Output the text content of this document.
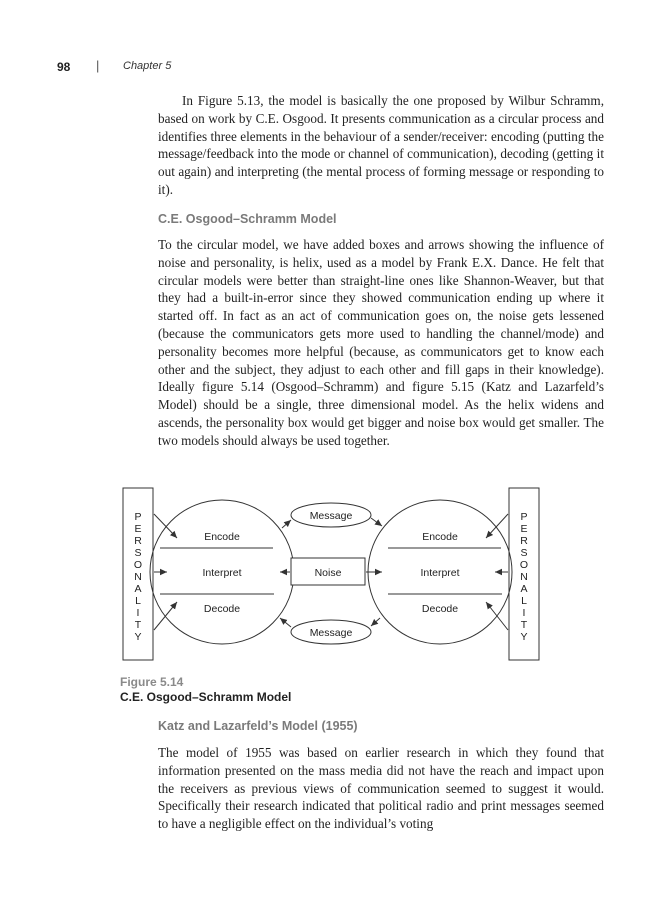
98 | Chapter 5

In Figure 5.13, the model is basically the one proposed by Wilbur Schramm, based on work by C.E. Osgood. It presents communication as a circular process and identifies three elements in the behaviour of a sender/receiver: encoding (putting the message/feedback into the mode or channel of communication), decoding (getting it out again) and interpreting (the mental process of forming message or responding to it).

C.E. Osgood–Schramm Model

To the circular model, we have added boxes and arrows showing the influence of noise and personality, is helix, used as a model by Frank E.X. Dance. He felt that circular models were better than straight-line ones like Shannon-Weaver, but that they had a built-in-error since they showed communication ending up where it started off. In fact as an act of communication goes on, the noise gets lessened (because the communicators gets more used to handling the channel/mode) and personality becomes more helpful (because, as communicators get to know each other and the subject, they adjust to each other and fill gaps in their knowledge). Ideally figure 5.14 (Osgood–Schramm) and figure 5.15 (Katz and Lazarfeld’s Model) should be a single, three dimensional model. As the helix widens and ascends, the personality box would get bigger and noise box would get smaller. The two models should always be used together.

P
E
R
S
O
N
A
L
I
T
Y
P
E
R
S
O
N
A
L
I
T
Y
Encode
Interpret
Decode
Encode
Interpret
Decode
Message
Message
Noise
Figure 5.14
C.E. Osgood–Schramm Model
Katz and Lazarfeld’s Model (1955)

The model of 1955 was based on earlier research in which they found that information presented on the mass media did not have the reach and impact upon the receivers as previous views of communication seemed to suggest it would. Specifically their research indicated that political radio and print messages seemed to have a negligible effect on the individual’s voting
